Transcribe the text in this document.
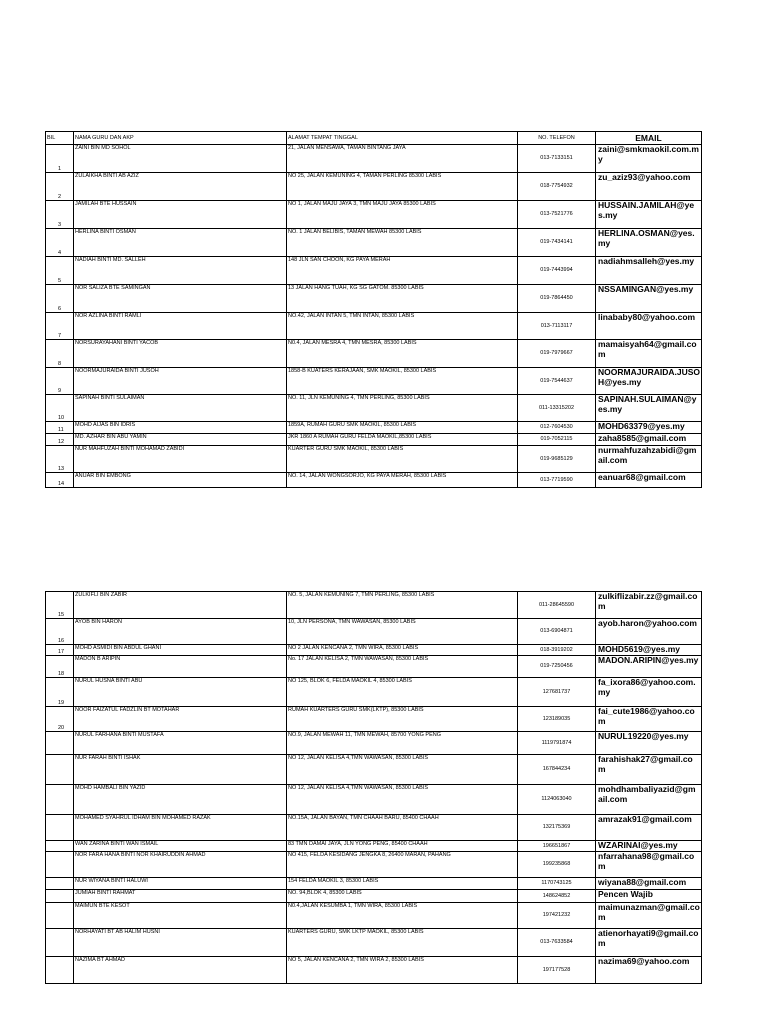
BIL	NAMA GURU DAN AKP	ALAMAT TEMPAT TINGGAL	NO. TELEFON	EMAIL
1	ZAINI BIN MD SOHOL	21, JALAN MENSAWA, TAMAN BINTANG JAYA	013-7133151	zaini@smkmaokil.com.my
2	ZULAIKHA BINTI AB AZIZ	NO 25, JALAN KEMUNING 4, TAMAN PERLING 85300 LABIS	018-7754932	zu_aziz93@yahoo.com
3	JAMILAH BTE HUSSAIN	NO 1, JALAN MAJU JAYA 3, TMN MAJU JAYA 85300 LABIS	013-7521776	HUSSAIN.JAMILAH@yes.my
4	HERLINA BINTI OSMAN	NO. 1 JALAN BELIBIS, TAMAN MEWAH 85300 LABIS	019-7434141	HERLINA.OSMAN@yes.my
5	NADIAH BINTI MD. SALLEH	148 JLN SAN CHOON, KG PAYA MERAH	019-7443994	nadiahmsalleh@yes.my
6	NOR SALIZA BTE SAMINGAN	13 JALAN HANG TUAH, KG SG GATOM. 85300 LABIS	019-7864450	NSSAMINGAN@yes.my
7	NOR AZLINA BINTI RAMLI	NO.42, JALAN INTAN 5, TMN INTAN, 85300 LABIS	013-7113117	linababy80@yahoo.com
8	NORSURAYAHANI BINTI YACOB	N0.4, JALAN MESRA 4, TMN MESRA, 85300 LABIS	019-7979667	mamaisyah64@gmail.com
9	NOORMAJURAIDA BINTI JUSOH	1858-B KUATERS KERAJAAN, SMK MAOKIL, 85300 LABIS	019-7544637	NOORMAJURAIDA.JUSOH@yes.my
10	SAPINAH BINTI SULAIMAN	NO. 11, JLN KEMUNING 4, TMN PERLING, 85300 LABIS	011-13315202	SAPINAH.SULAIMAN@yes.my
11	MOHD AIJAS BIN IDRIS	1859A, RUMAH GURU SMK MAOKIL, 85300 LABIS	012-7604530	MOHD63379@yes.my
12	MD. AZHAR BIN ABU YAMIN	JKR 1860 A RUMAH GURU FELDA MAOKIL,85300 LABIS	019-7052115	zaha8585@gmail.com
13	NUR MAHFUZAH BINTI MOHAMAD ZABIDI	KUARTER GURU SMK MAOKIL, 85300 LABIS	019-9685129	nurmahfuzahzabidi@gmail.com
14	ANUAR BIN EMBONG	NO. 14, JALAN WONGSORJO, KG PAYA MERAH, 85300 LABIS	013-7719590	eanuar68@gmail.com
15	ZULKIFLI BIN ZABIR	NO. 5, JALAN KEMUNING 7, TMN PERLING, 85300 LABIS	011-28645590	zulkiflizabir.zz@gmail.com
16	AYOB BIN HARON	10, JLN PERSONA, TMN WAWASAN, 85300 LABIS	013-6904871	ayob.haron@yahoo.com
17	MOHD ASMIDI BIN ABDUL GHANI	NO 2 JALAN KENCANA 2, TMN WIRA, 85300 LABIS	018-3919202	MOHD5619@yes.my
18	MADON B ARIPIN	No. 17 JALAN KELISA 2, TMN WAWASAN, 85300 LABIS	019-7250456	MADON.ARIPIN@yes.my
19	NURUL HUSNA BINTI ABU	NO 125, BLOK 6, FELDA MAOKIL 4, 85300 LABIS	127681737	fa_ixora86@yahoo.com.my
20	NOOR FAIZATUL FADZLIN BT MOTAHAR	RUMAH KUARTERS GURU SMK(LKTP), 85300 LABIS	123189035	fai_cute1986@yahoo.com
	NURUL FARHANA BINTI MUSTAFA	NO.9, JALAN MEWAH 11, TMN MEWAH, 85700 YONG PENG	1119791874	NURUL19220@yes.my
	NUR FARAH BINTI ISHAK	NO 12, JALAN KELISA 4,TMN WAWASAN, 85300 LABIS	167844234	farahishak27@gmail.com
	MOHD HAMBALI BIN YAZID	NO 12, JALAN KELISA 4,TMN WAWASAN, 85300 LABIS	1124063040	mohdhambaliyazid@gmail.com
	MOHAMED SYAHRUL IDHAM BIN MOHAMED RAZAK	NO.15A, JALAN BAYAN, TMN CHAAH BARU, 85400 CHAAH	132175369	amrazak91@gmail.com
	WAN ZARINA BINTI WAN ISMAIL	83 TMN DAMAI JAYA, JLN YONG PENG, 85400 CHAAH	196651867	WZARINAI@yes.my
	NOR FARA HANA BINTI NOR KHAIRUDDIN AHMAD	NO 415, FELDA KESIDANG JENGKA 8, 26400 MARAN, PAHANG	199235868	nfarrahana98@gmail.com
	NUR WIYANA BINTI HALUWI	154 FELDA MAOKIL 3, 85300 LABIS	1170743125	wiyana88@gmail.com
	JUMIAH BINTI RAHMAT	NO. 94,BLOK 4, 85300 LABIS	148624852	Pencen Wajib
	MAIMUN BTE KESOT	N0.4,JALAN KESUMBA 1, TMN WIRA, 85300 LABIS	197421232	maimunazman@gmail.com
	NORHAYATI BT AB HALIM HUSNI	KUARTERS GURU, SMK LKTP MAOKIL, 85300 LABIS	013-7633584	atienorhayati9@gmail.com
	NAZIMA BT AHMAD	NO 5, JALAN KENCANA 2, TMN WIRA 2, 85300 LABIS	197177528	nazima69@yahoo.com
